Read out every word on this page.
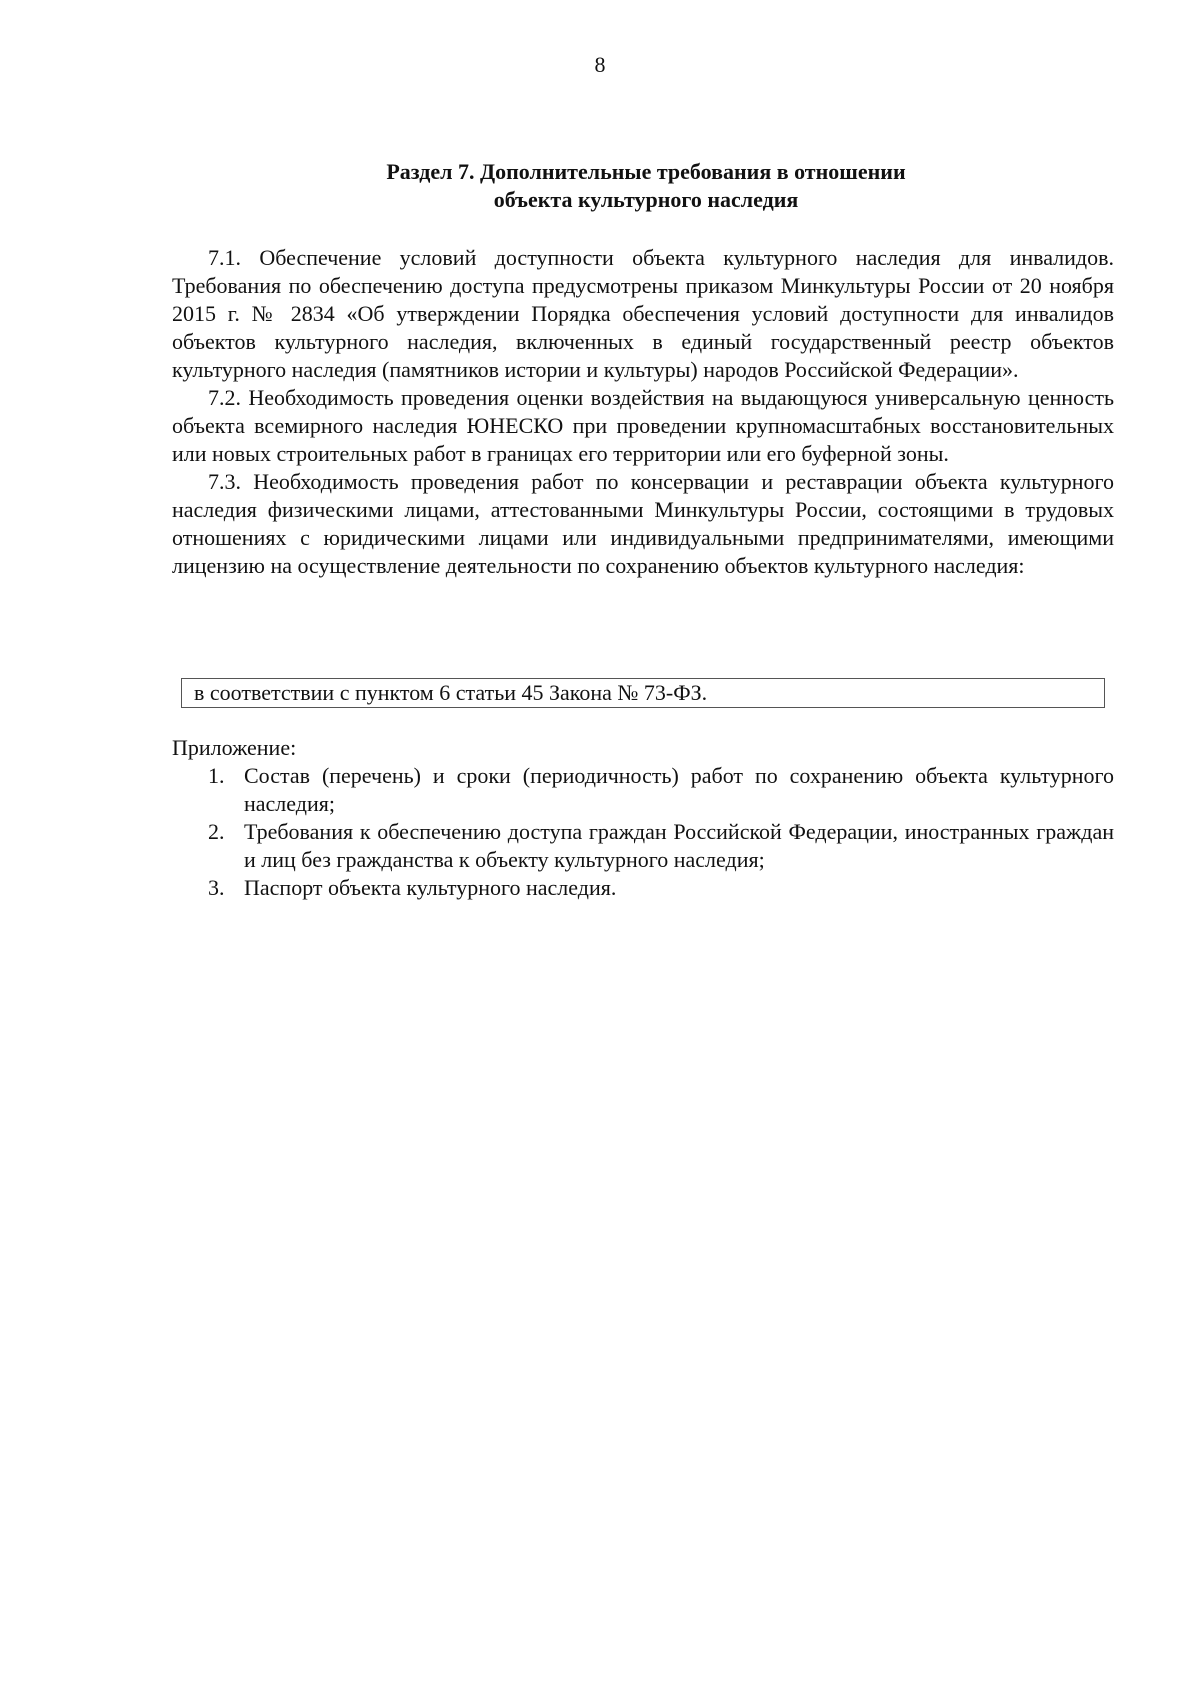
8
Раздел 7. Дополнительные требования в отношении
объекта культурного наследия

7.1. Обеспечение условий доступности объекта культурного наследия для инвалидов. Требования по обеспечению доступа предусмотрены приказом Минкультуры России от 20 ноября 2015 г. № 2834 «Об утверждении Порядка обеспечения условий доступности для инвалидов объектов культурного наследия, включенных в единый государственный реестр объектов культурного наследия (памятников истории и культуры) народов Российской Федерации».

7.2. Необходимость проведения оценки воздействия на выдающуюся универсальную ценность объекта всемирного наследия ЮНЕСКО при проведении крупномасштабных восстановительных или новых строительных работ в границах его территории или его буферной зоны.

7.3. Необходимость проведения работ по консервации и реставрации объекта культурного наследия физическими лицами, аттестованными Минкультуры России, состоящими в трудовых отношениях с юридическими лицами или индивидуальными предпринимателями, имеющими лицензию на осуществление деятельности по сохранению объектов культурного наследия:

в соответствии с пунктом 6 статьи 45 Закона № 73-ФЗ.

Приложение:

1. Состав (перечень) и сроки (периодичность) работ по сохранению объекта культурного наследия;
2. Требования к обеспечению доступа граждан Российской Федерации, иностранных граждан и лиц без гражданства к объекту культурного наследия;
3. Паспорт объекта культурного наследия.
